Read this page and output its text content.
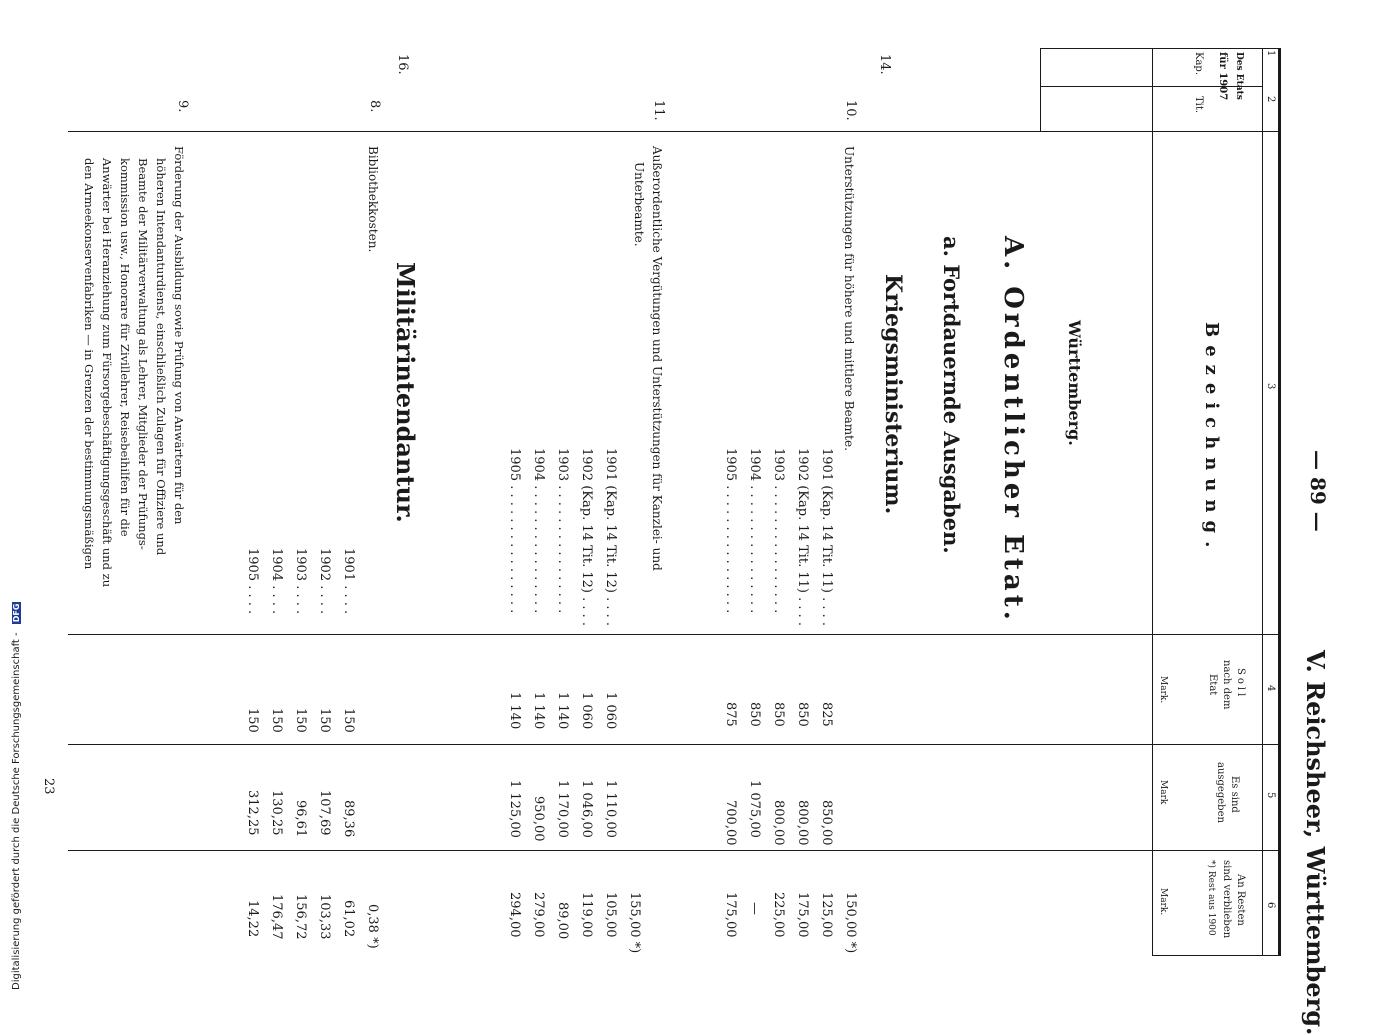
Digitalisierung gefördert durch die Deutsche Forschungsgemeinschaft - DFG
1
2
3
4
5
6
— 89 —
V. Reichsheer, Württemberg.
Des Etats
für 1907
Kap.
Tit.
Bezeichnung.
Soll
nach dem
Etat
Mark.
Es sind
ausgegeben
Mark
An Resten
sind verblieben
*) Rest aus 1900
Mark.
Württemberg.
A. Ordentlicher Etat.
a. Fortdauernde Ausgaben.
Kriegsministerium.
Militärintendantur.
14.
10.
11.
16.
8.
9.
Unterstützungen für höhere und mittlere Beamte.
Außerordentliche Vergütungen und Unterstützungen für Kanzlei- und
Unterbeamte.
Bibliothekkosten.
Förderung der Ausbildung sowie Prüfung von Anwärtern für den
höheren Intendanturdienst, einschließlich Zulagen für Offiziere und
Beamte der Militärverwaltung als Lehrer, Mitglieder der Prüfungs-
kommission usw., Honorare für Zivillehrer, Reisebeihilfen für die
Anwärter bei Heranziehung zum Fürsorgebeschäftigungsgeschäft und zu
den Armeekonservenfabriken — in Grenzen der bestimmungsmäßigen	1901 (Kap. 14 Tit. 11) . . . .
825
850,00
150,00 *)
1902 (Kap. 14 Tit. 11) . . . .
850
800,00
125,00
1903 . . . . . . . . . . . . . . . .
850
800,00
175,00
1904 . . . . . . . . . . . . . . . .
850
1 075,00
225,00
1905 . . . . . . . . . . . . . . . .
875
700,00
—
175,00
1901 (Kap. 14 Tit. 12) . . . .
1 060
1 110,00
155,00 *)
1902 (Kap. 14 Tit. 12) . . . .
1 060
1 046,00
105,00
1903 . . . . . . . . . . . . . . . .
1 140
1 170,00
119,00
1904 . . . . . . . . . . . . . . . .
1 140
950,00
89,00
1905 . . . . . . . . . . . . . . . .
1 140
1 125,00
279,00
294,00
1901 . . . .
150
89,36
0,38 *)
1902 . . . .
150
107,69
61,02
1903 . . . .
150
96,61
103,33
1904 . . . .
150
130,25
156,72
1905 . . . .
150
312,25
176,47
14,22
23
